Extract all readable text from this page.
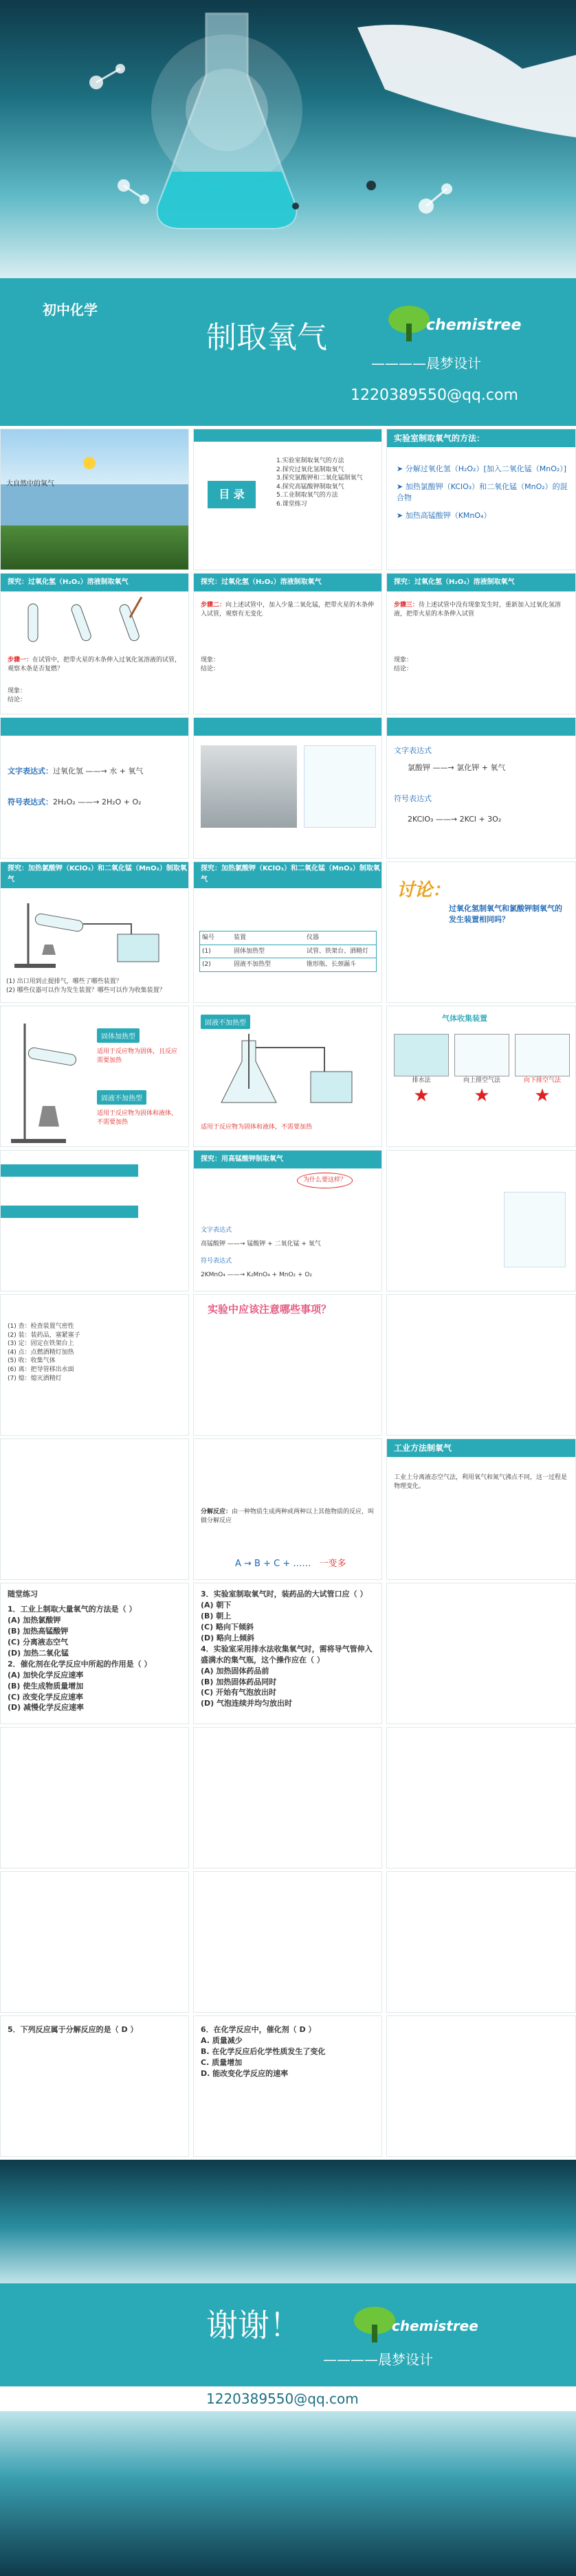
初中化学
制取氧气	chemistree
————晨梦设计
1220389550@qq.com
大自然中的氧气
目 录
1.实验室制取氧气的方法
2.探究过氧化氢制取氧气
3.探究氯酸钾和二氧化锰制氧气
4.探究高锰酸钾制取氧气
5.工业制取氧气的方法
6.课堂练习
实验室制取氧气的方法：
➤ 分解过氧化氢（H₂O₂）[加入二氧化锰（MnO₂）]
➤ 加热氯酸钾（KClO₃）和二氧化锰（MnO₂）的混合物
➤ 加热高锰酸钾（KMnO₄）
探究：过氧化氢（H₂O₂）溶液制取氧气
步骤一：在试管中，把带火星的木条伸入过氧化氢溶液的试管，观察木条是否复燃？
现象：
结论：
探究：过氧化氢（H₂O₂）溶液制取氧气
步骤二：向上述试管中，加入少量二氧化锰，把带火星的木条伸入试管，观察有无变化
现象：
结论：
探究：过氧化氢（H₂O₂）溶液制取氧气
步骤三：待上述试管中没有现象发生时，重新加入过氧化氢溶液，把带火星的木条伸入试管
现象：
结论：
文字表达式：过氧化氢 ——→ 水 + 氧气
符号表达式：2H₂O₂ ——→ 2H₂O + O₂
文字表达式
氯酸钾 ——→ 氯化钾 + 氧气
符号表达式
2KClO₃ ——→ 2KCl + 3O₂
探究：加热氯酸钾（KClO₃）和二氧化锰（MnO₂）制取氧气
(1) 出口用到止提排气，哪些了哪些装置？
(2) 哪些仪器可以作为发生装置？哪些可以作为收集装置？
探究：加热氯酸钾（KClO₃）和二氧化锰（MnO₂）制取氧气
编号	装置	仪器
(1)	固体加热型	试管、铁架台、酒精灯
(2)	固液不加热型	锥形瓶、长颈漏斗
讨论：
过氧化氢制氧气和氯酸钾制氧气的发生装置相同吗？
固体加热型
适用于反应物为固体，且反应需要加热
固液不加热型
适用于反应物为固体和液体，不需要加热
固液不加热型
适用于反应物为固体和液体，不需要加热
气体收集装置
排水法
★
向上排空气法
★
向下排空气法
★
探究：用高锰酸钾制取氧气
为什么要这样？
文字表达式
高锰酸钾 ——→ 锰酸钾 + 二氧化锰 + 氧气
符号表达式
2KMnO₄ ——→ K₂MnO₄ + MnO₂ + O₂
(1) 查：检查装置气密性
(2) 装：装药品，塞紧塞子
(3) 定：固定在铁架台上
(4) 点：点燃酒精灯加热
(5) 收：收集气体
(6) 离：把导管移出水面
(7) 熄：熄灭酒精灯
实验中应该注意哪些事项？
分解反应：由一种物质生成两种或两种以上其他物质的反应，叫做分解反应
A → B + C + …… 一变多
工业方法制氧气
工业上分离液态空气法，利用氧气和氮气沸点不同，这一过程是物理变化。
随堂练习
1．工业上制取大量氧气的方法是（ ）
(A) 加热氯酸钾
(B) 加热高锰酸钾
(C) 分离液态空气
(D) 加热二氧化锰
2．催化剂在化学反应中所起的作用是（ ）
(A) 加快化学反应速率
(B) 使生成物质量增加
(C) 改变化学反应速率
(D) 减慢化学反应速率
3．实验室制取氧气时，装药品的大试管口应（ ）
(A) 朝下
(B) 朝上
(C) 略向下倾斜
(D) 略向上倾斜
4．实验室采用排水法收集氧气时，需将导气管伸入盛满水的集气瓶，这个操作应在（ ）
(A) 加热固体药品前
(B) 加热固体药品同时
(C) 开始有气泡放出时
(D) 气泡连续并均匀放出时
5．下列反应属于分解反应的是（ D ）	6．在化学反应中，催化剂（ D ）
A. 质量减少
B. 在化学反应后化学性质发生了变化
C. 质量增加
D. 能改变化学反应的速率
谢谢！	chemistree
————晨梦设计
1220389550@qq.com
